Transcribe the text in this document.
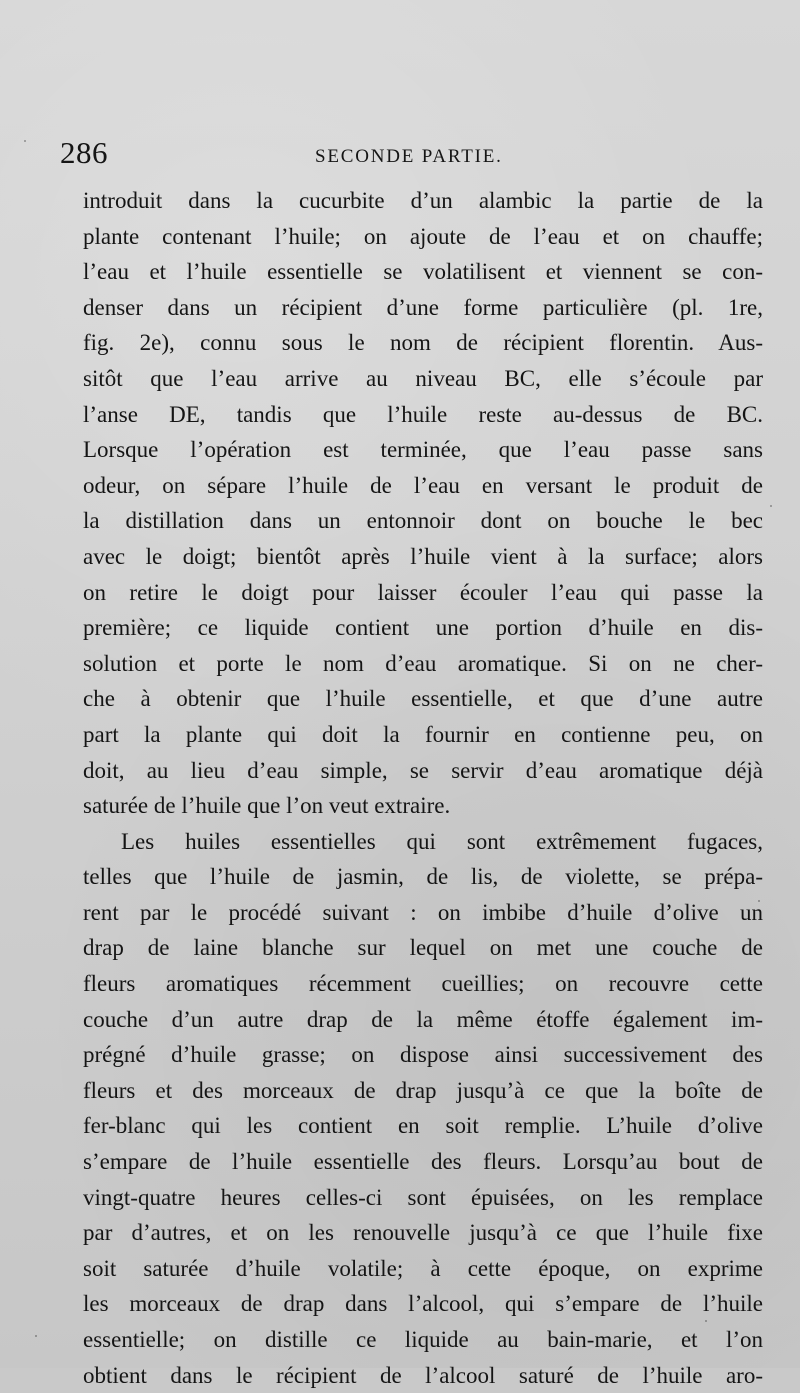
286	SECONDE PARTIE.
introduit dans la cucurbite d’un alambic la partie de la
plante contenant l’huile; on ajoute de l’eau et on chauffe;
l’eau et l’huile essentielle se volatilisent et viennent se con-
denser dans un récipient d’une forme particulière (pl. 1re,
fig. 2e), connu sous le nom de récipient florentin. Aus-
sitôt que l’eau arrive au niveau BC, elle s’écoule par
l’anse DE, tandis que l’huile reste au-dessus de BC.
Lorsque l’opération est terminée, que l’eau passe sans
odeur, on sépare l’huile de l’eau en versant le produit de
la distillation dans un entonnoir dont on bouche le bec
avec le doigt; bientôt après l’huile vient à la surface; alors
on retire le doigt pour laisser écouler l’eau qui passe la
première; ce liquide contient une portion d’huile en dis-
solution et porte le nom d’eau aromatique. Si on ne cher-
che à obtenir que l’huile essentielle, et que d’une autre
part la plante qui doit la fournir en contienne peu, on
doit, au lieu d’eau simple, se servir d’eau aromatique déjà
saturée de l’huile que l’on veut extraire.
Les huiles essentielles qui sont extrêmement fugaces,
telles que l’huile de jasmin, de lis, de violette, se prépa-
rent par le procédé suivant : on imbibe d’huile d’olive un
drap de laine blanche sur lequel on met une couche de
fleurs aromatiques récemment cueillies; on recouvre cette
couche d’un autre drap de la même étoffe également im-
prégné d’huile grasse; on dispose ainsi successivement des
fleurs et des morceaux de drap jusqu’à ce que la boîte de
fer-blanc qui les contient en soit remplie. L’huile d’olive
s’empare de l’huile essentielle des fleurs. Lorsqu’au bout de
vingt-quatre heures celles-ci sont épuisées, on les remplace
par d’autres, et on les renouvelle jusqu’à ce que l’huile fixe
soit saturée d’huile volatile; à cette époque, on exprime
les morceaux de drap dans l’alcool, qui s’empare de l’huile
essentielle; on distille ce liquide au bain-marie, et l’on
obtient dans le récipient de l’alcool saturé de l’huile aro-
